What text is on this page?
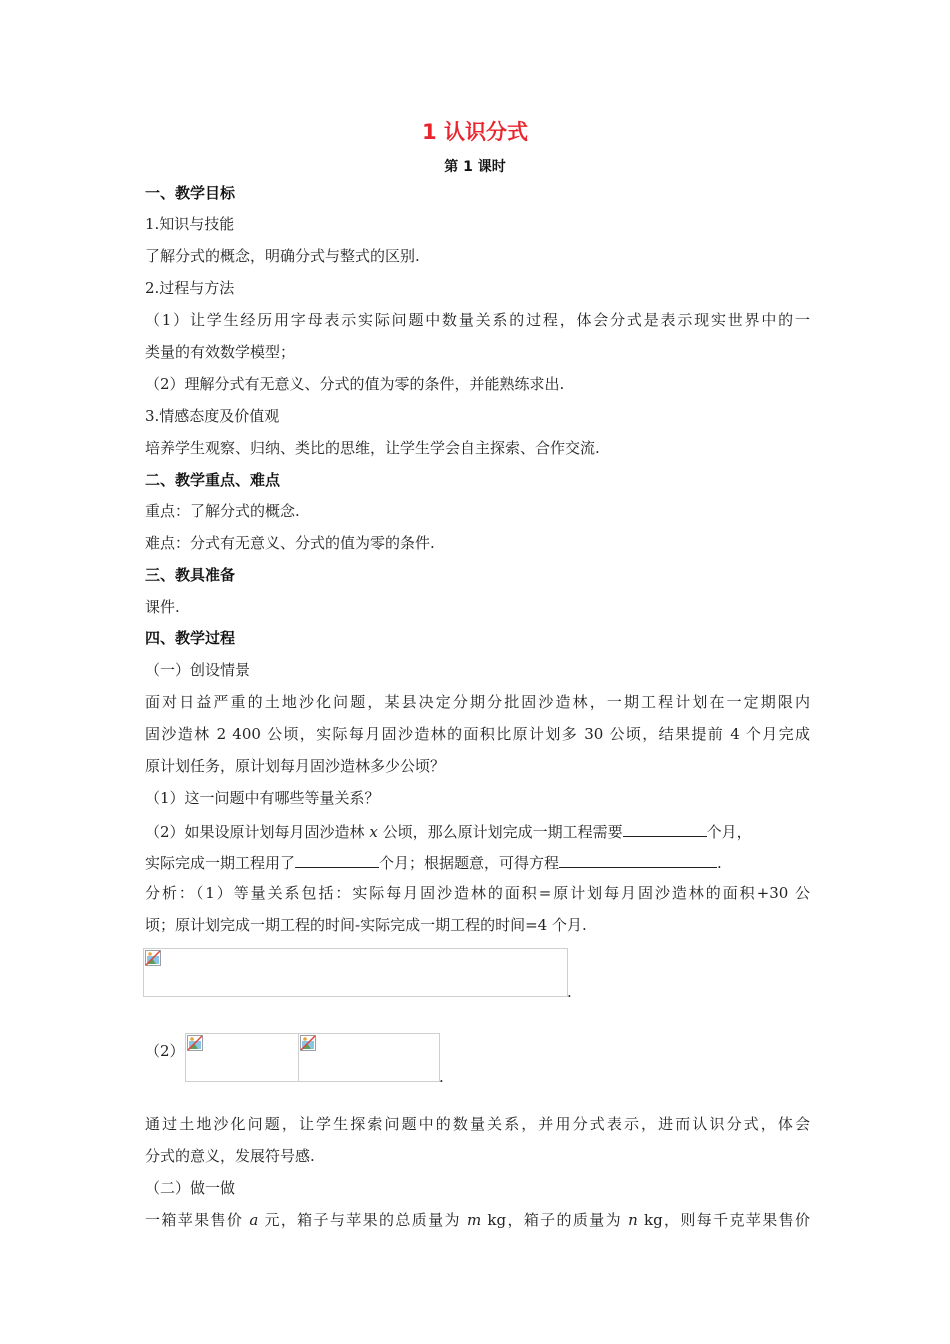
1 认识分式
第 1 课时
一、教学目标
1.知识与技能
了解分式的概念，明确分式与整式的区别.
2.过程与方法
（1）让学生经历用字母表示实际问题中数量关系的过程，体会分式是表示现实世界中的一
类量的有效数学模型；
（2）理解分式有无意义、分式的值为零的条件，并能熟练求出.
3.情感态度及价值观
培养学生观察、归纳、类比的思维，让学生学会自主探索、合作交流.
二、教学重点、难点
重点：了解分式的概念.
难点：分式有无意义、分式的值为零的条件.
三、教具准备
课件.
四、教学过程
（一）创设情景
面对日益严重的土地沙化问题，某县决定分期分批固沙造林，一期工程计划在一定期限内
固沙造林 2 400 公顷，实际每月固沙造林的面积比原计划多 30 公顷，结果提前 4 个月完成
原计划任务，原计划每月固沙造林多少公顷？
（1）这一问题中有哪些等量关系？
（2）如果设原计划每月固沙造林 x 公顷，那么原计划完成一期工程需要	个月，
实际完成一期工程用了	个月；根据题意，可得方程	.
分析：（1）等量关系包括：实际每月固沙造林的面积=原计划每月固沙造林的面积+30 公
顷；原计划完成一期工程的时间-实际完成一期工程的时间=4 个月.
.
（2）
.
通过土地沙化问题，让学生探索问题中的数量关系，并用分式表示，进而认识分式，体会
分式的意义，发展符号感.
（二）做一做
一箱苹果售价 a 元，箱子与苹果的总质量为 m kg，箱子的质量为 n kg，则每千克苹果售价
